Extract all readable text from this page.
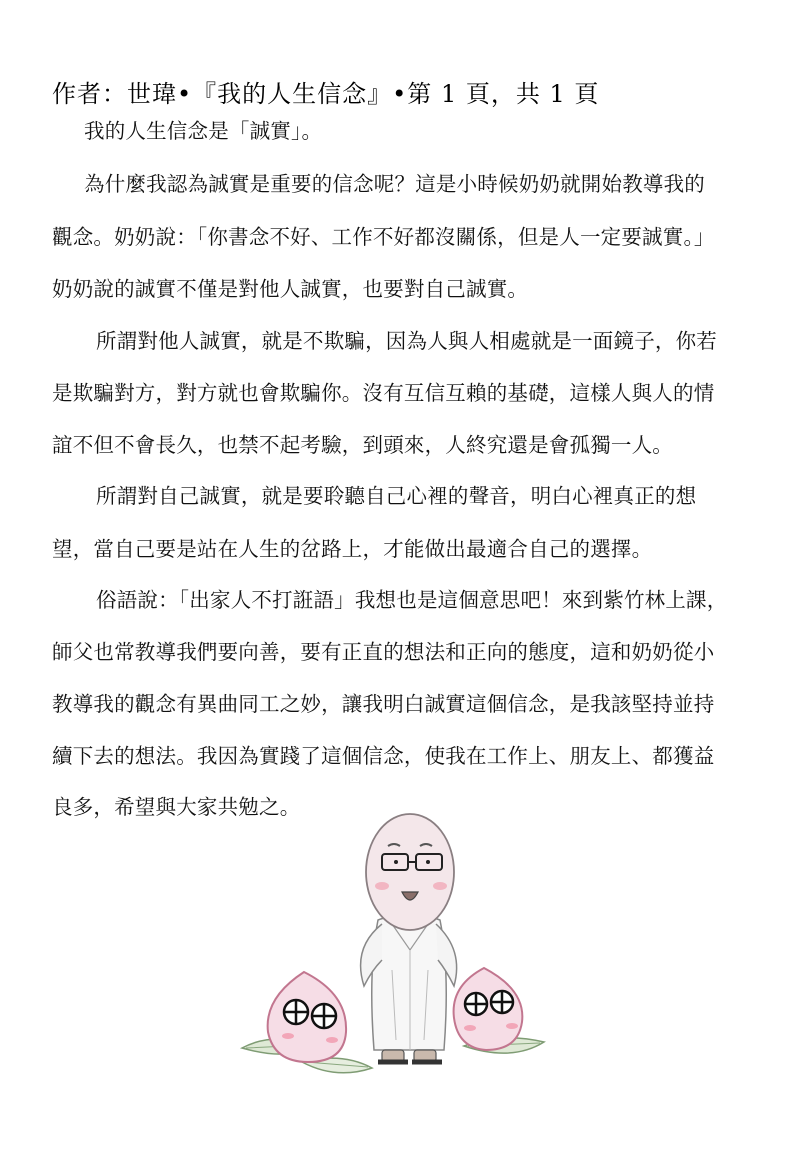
作者：世瑋•『我的人生信念』•第 1 頁，共 1 頁
我的人生信念是「誠實」。
為什麼我認為誠實是重要的信念呢？這是小時候奶奶就開始教導我的
觀念。奶奶說：「你書念不好、工作不好都沒關係，但是人一定要誠實。」
奶奶說的誠實不僅是對他人誠實，也要對自己誠實。
所謂對他人誠實，就是不欺騙，因為人與人相處就是一面鏡子，你若
是欺騙對方，對方就也會欺騙你。沒有互信互賴的基礎，這樣人與人的情
誼不但不會長久，也禁不起考驗，到頭來，人終究還是會孤獨一人。
所謂對自己誠實，就是要聆聽自己心裡的聲音，明白心裡真正的想
望，當自己要是站在人生的岔路上，才能做出最適合自己的選擇。
俗語說：「出家人不打誑語」我想也是這個意思吧！來到紫竹林上課，
師父也常教導我們要向善，要有正直的想法和正向的態度，這和奶奶從小
教導我的觀念有異曲同工之妙，讓我明白誠實這個信念，是我該堅持並持
續下去的想法。我因為實踐了這個信念，使我在工作上、朋友上、都獲益
良多，希望與大家共勉之。
